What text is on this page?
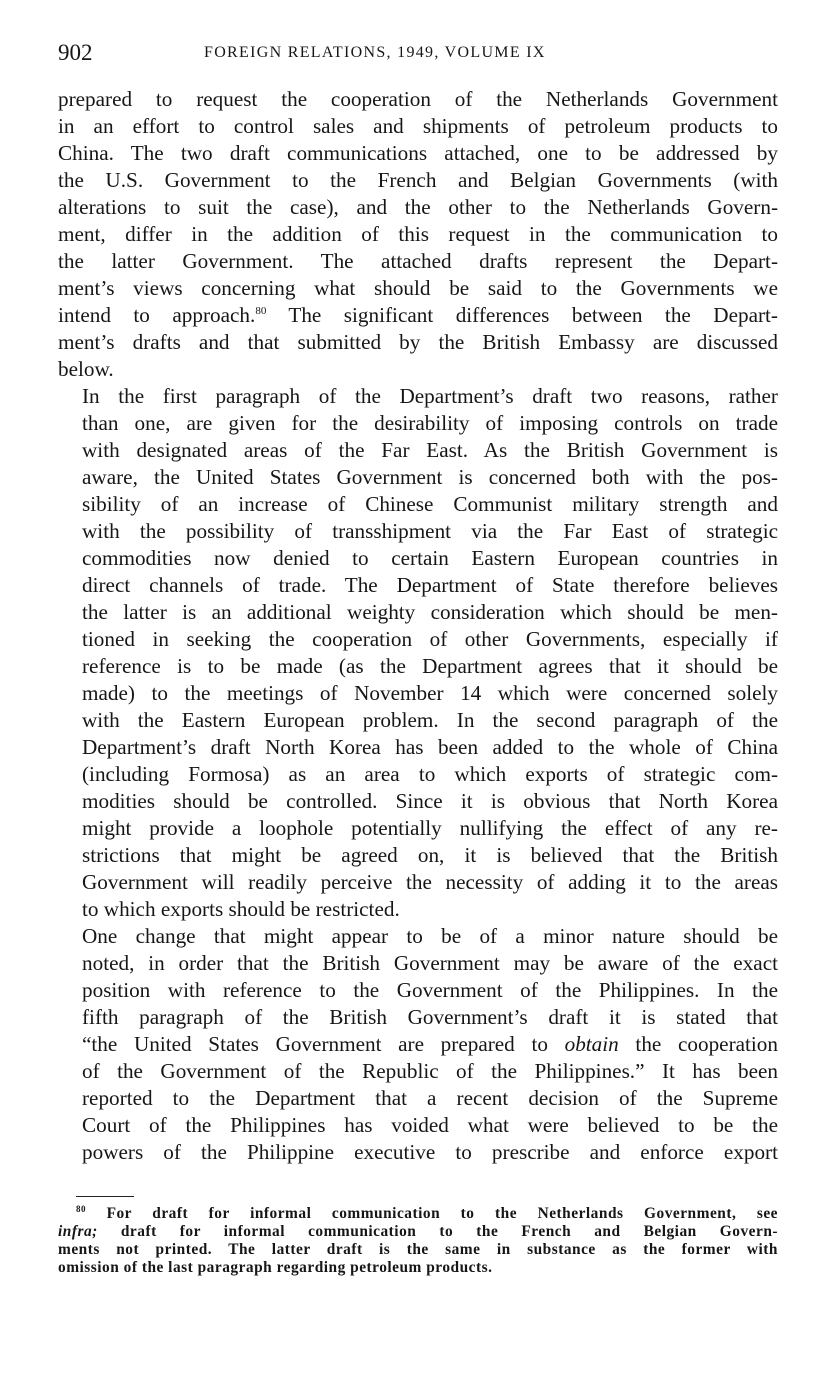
902	FOREIGN RELATIONS, 1949, VOLUME IX

prepared to request the cooperation of the Netherlands Government
in an effort to control sales and shipments of petroleum products to
China. The two draft communications attached, one to be addressed by
the U.S. Government to the French and Belgian Governments (with
alterations to suit the case), and the other to the Netherlands Govern-
ment, differ in the addition of this request in the communication to
the latter Government. The attached drafts represent the Depart-
ment’s views concerning what should be said to the Governments we
intend to approach.$^{80}$ The significant differences between the Depart-
ment’s drafts and that submitted by the British Embassy are discussed
below.

In the first paragraph of the Department’s draft two reasons, rather
than one, are given for the desirability of imposing controls on trade
with designated areas of the Far East. As the British Government is
aware, the United States Government is concerned both with the pos-
sibility of an increase of Chinese Communist military strength and
with the possibility of transshipment via the Far East of strategic
commodities now denied to certain Eastern European countries in
direct channels of trade. The Department of State therefore believes
the latter is an additional weighty consideration which should be men-
tioned in seeking the cooperation of other Governments, especially if
reference is to be made (as the Department agrees that it should be
made) to the meetings of November 14 which were concerned solely
with the Eastern European problem. In the second paragraph of the
Department’s draft North Korea has been added to the whole of China
(including Formosa) as an area to which exports of strategic com-
modities should be controlled. Since it is obvious that North Korea
might provide a loophole potentially nullifying the effect of any re-
strictions that might be agreed on, it is believed that the British
Government will readily perceive the necessity of adding it to the areas
to which exports should be restricted.

One change that might appear to be of a minor nature should be
noted, in order that the British Government may be aware of the exact
position with reference to the Government of the Philippines. In the
fifth paragraph of the British Government’s draft it is stated that
“the United States Government are prepared to obtain the cooperation
of the Government of the Republic of the Philippines.” It has been
reported to the Department that a recent decision of the Supreme
Court of the Philippines has voided what were believed to be the
powers of the Philippine executive to prescribe and enforce export

$^{80}$ For draft for informal communication to the Netherlands Government, see
infra; draft for informal communication to the French and Belgian Govern-
ments not printed. The latter draft is the same in substance as the former with
omission of the last paragraph regarding petroleum products.
